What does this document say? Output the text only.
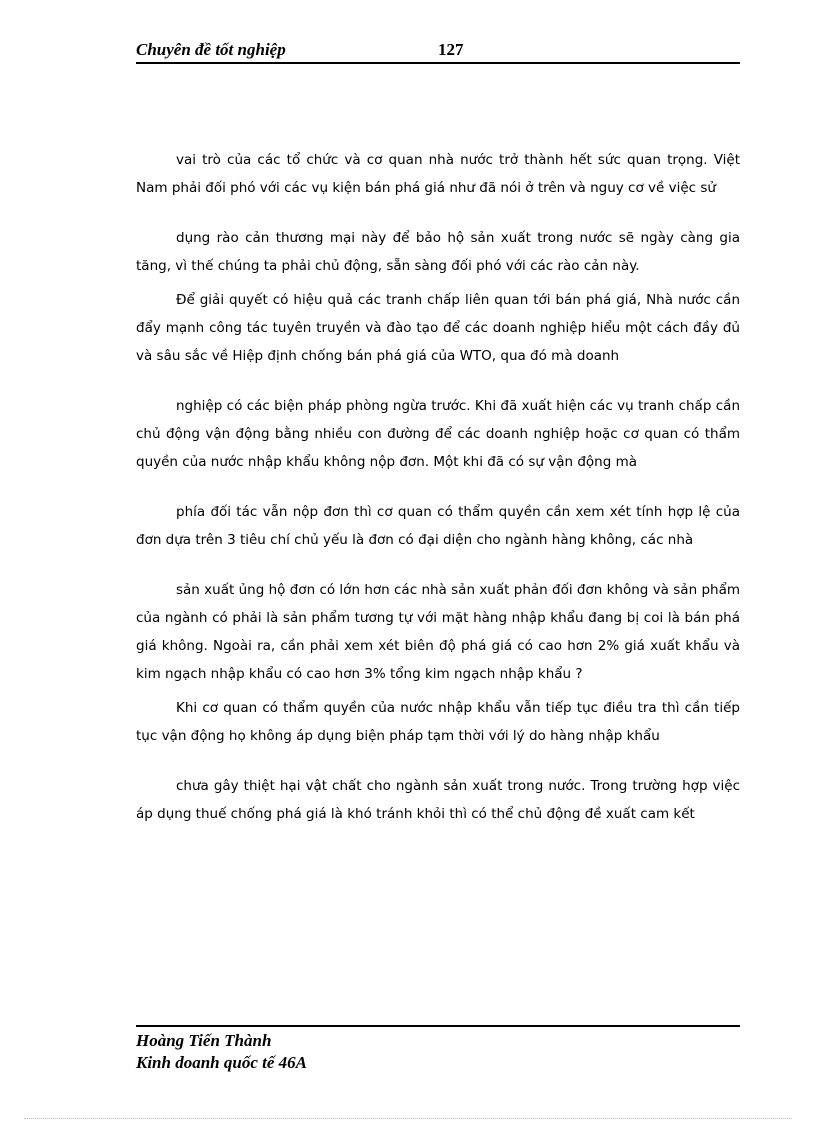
Chuyên đề tốt nghiệp	127

vai trò của các tổ chức và cơ quan nhà nước trở thành hết sức quan trọng. Việt Nam phải đối phó với các vụ kiện bán phá giá như đã nói ở trên và nguy cơ về việc sử

dụng rào cản thương mại này để bảo hộ sản xuất trong nước sẽ ngày càng gia tăng, vì thế chúng ta phải chủ động, sẵn sàng đối phó với các rào cản này.

Để giải quyết có hiệu quả các tranh chấp liên quan tới bán phá giá, Nhà nước cần đẩy mạnh công tác tuyên truyền và đào tạo để các doanh nghiệp hiểu một cách đầy đủ và sâu sắc về Hiệp định chống bán phá giá của WTO, qua đó mà doanh

nghiệp có các biện pháp phòng ngừa trước. Khi đã xuất hiện các vụ tranh chấp cần chủ động vận động bằng nhiều con đường để các doanh nghiệp hoặc cơ quan có thẩm quyền của nước nhập khẩu không nộp đơn. Một khi đã có sự vận động mà

phía đối tác vẫn nộp đơn thì cơ quan có thẩm quyền cần xem xét tính hợp lệ của đơn dựa trên 3 tiêu chí chủ yếu là đơn có đại diện cho ngành hàng không, các nhà

sản xuất ủng hộ đơn có lớn hơn các nhà sản xuất phản đối đơn không và sản phẩm của ngành có phải là sản phẩm tương tự với mặt hàng nhập khẩu đang bị coi là bán phá giá không. Ngoài ra, cần phải xem xét biên độ phá giá có cao hơn 2% giá xuất khẩu và kim ngạch nhập khẩu có cao hơn 3% tổng kim ngạch nhập khẩu ?

Khi cơ quan có thẩm quyền của nước nhập khẩu vẫn tiếp tục điều tra thì cần tiếp tục vận động họ không áp dụng biện pháp tạm thời với lý do hàng nhập khẩu

chưa gây thiệt hại vật chất cho ngành sản xuất trong nước. Trong trường hợp việc áp dụng thuế chống phá giá là khó tránh khỏi thì có thể chủ động đề xuất cam kết

Hoàng Tiến Thành
Kinh doanh quốc tế 46A
